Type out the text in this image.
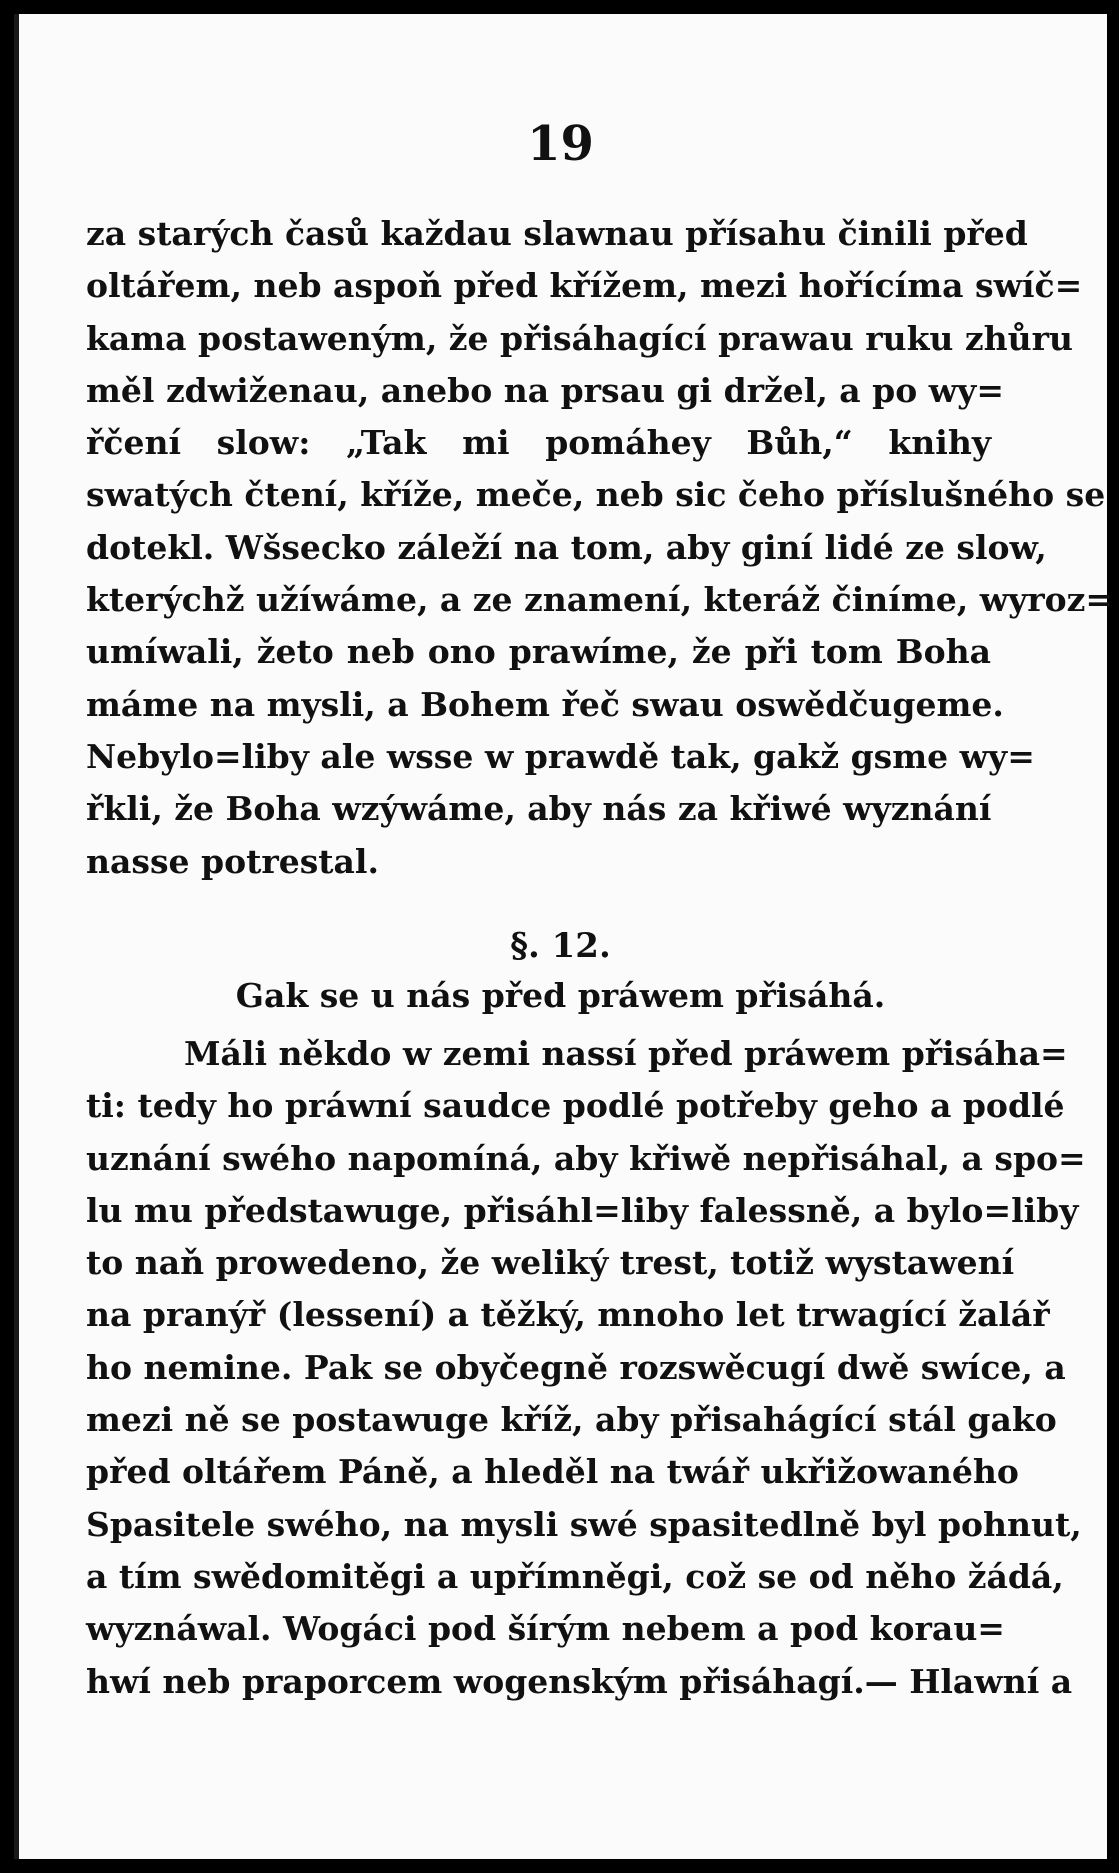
19
za starých časů každau slawnau přísahu činili před
oltářem, neb aspoň před křížem, mezi hořícíma swíč=
kama postaweným, že přisáhagící prawau ruku zhůru
měl zdwiženau, anebo na prsau gi držel, a po wy=
řčení slow: „Tak mi pomáhey Bůh,“ knihy
swatých čtení, kříže, meče, neb sic čeho příslušného se
dotekl. Wšsecko záleží na tom, aby giní lidé ze slow,
kterýchž užíwáme, a ze znamení, kteráž činíme, wyroz=
umíwali, žeto neb ono prawíme, že při tom Boha
máme na mysli, a Bohem řeč swau oswědčugeme.
Nebylo=liby ale wsse w prawdě tak, gakž gsme wy=
řkli, že Boha wzýwáme, aby nás za křiwé wyznání
nasse potrestal.
§. 12.
Gak se u nás před práwem přisáhá.
Máli někdo w zemi nassí před práwem přisáha=
ti: tedy ho práwní saudce podlé potřeby geho a podlé
uznání swého napomíná, aby křiwě nepřisáhal, a spo=
lu mu předstawuge, přisáhl=liby falessně, a bylo=liby
to naň prowedeno, že weliký trest, totiž wystawení
na pranýř (lessení) a těžký, mnoho let trwagící žalář
ho nemine. Pak se obyčegně rozswěcugí dwě swíce, a
mezi ně se postawuge kříž, aby přisahágící stál gako
před oltářem Páně, a hleděl na twář ukřižowaného
Spasitele swého, na mysli swé spasitedlně byl pohnut,
a tím swědomitěgi a upřímněgi, což se od něho žádá,
wyznáwal. Wogáci pod šírým nebem a pod korau=
hwí neb praporcem wogenským přisáhagí.— Hlawní a
